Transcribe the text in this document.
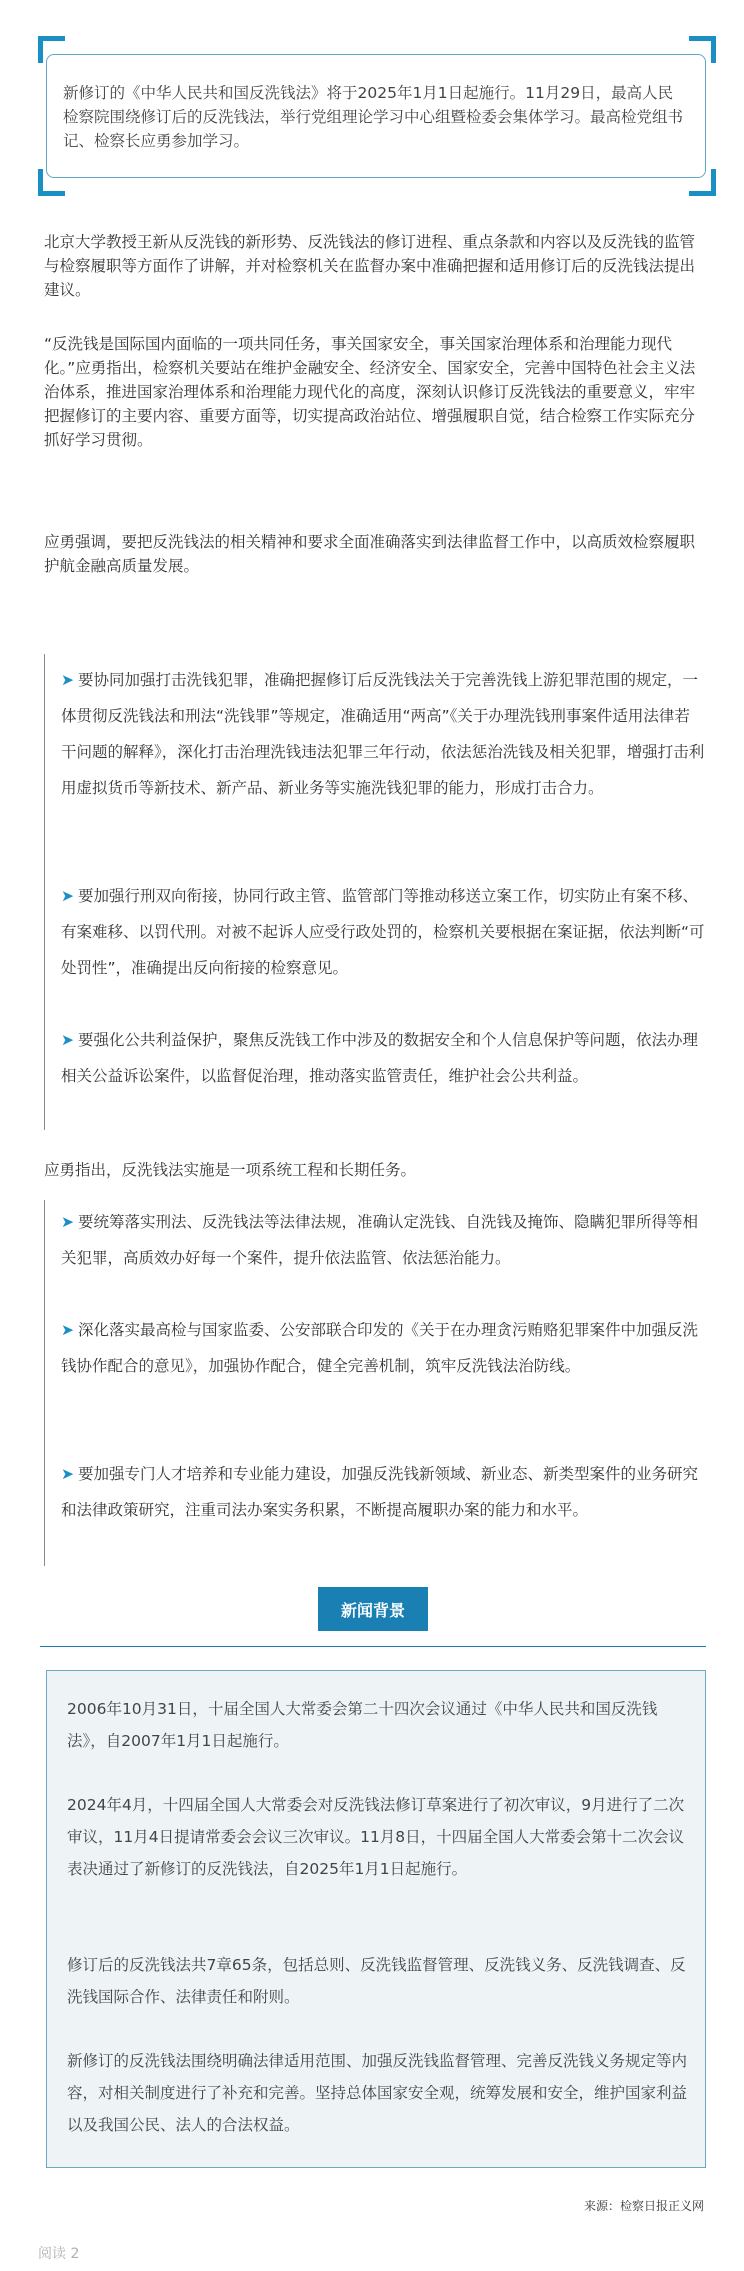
新修订的《中华人民共和国反洗钱法》将于2025年1月1日起施行。11月29日，最高人民检察院围绕修订后的反洗钱法，举行党组理论学习中心组暨检委会集体学习。最高检党组书记、检察长应勇参加学习。

北京大学教授王新从反洗钱的新形势、反洗钱法的修订进程、重点条款和内容以及反洗钱的监管与检察履职等方面作了讲解，并对检察机关在监督办案中准确把握和适用修订后的反洗钱法提出建议。

“反洗钱是国际国内面临的一项共同任务，事关国家安全，事关国家治理体系和治理能力现代化。”应勇指出，检察机关要站在维护金融安全、经济安全、国家安全，完善中国特色社会主义法治体系，推进国家治理体系和治理能力现代化的高度，深刻认识修订反洗钱法的重要意义，牢牢把握修订的主要内容、重要方面等，切实提高政治站位、增强履职自觉，结合检察工作实际充分抓好学习贯彻。

应勇强调，要把反洗钱法的相关精神和要求全面准确落实到法律监督工作中，以高质效检察履职护航金融高质量发展。

➤ 要协同加强打击洗钱犯罪，准确把握修订后反洗钱法关于完善洗钱上游犯罪范围的规定，一体贯彻反洗钱法和刑法“洗钱罪”等规定，准确适用“两高”《关于办理洗钱刑事案件适用法律若干问题的解释》，深化打击治理洗钱违法犯罪三年行动，依法惩治洗钱及相关犯罪，增强打击利用虚拟货币等新技术、新产品、新业务等实施洗钱犯罪的能力，形成打击合力。

➤ 要加强行刑双向衔接，协同行政主管、监管部门等推动移送立案工作，切实防止有案不移、有案难移、以罚代刑。对被不起诉人应受行政处罚的，检察机关要根据在案证据，依法判断“可处罚性”，准确提出反向衔接的检察意见。

➤ 要强化公共利益保护，聚焦反洗钱工作中涉及的数据安全和个人信息保护等问题，依法办理相关公益诉讼案件，以监督促治理，推动落实监管责任，维护社会公共利益。

应勇指出，反洗钱法实施是一项系统工程和长期任务。

➤ 要统筹落实刑法、反洗钱法等法律法规，准确认定洗钱、自洗钱及掩饰、隐瞒犯罪所得等相关犯罪，高质效办好每一个案件，提升依法监管、依法惩治能力。

➤ 深化落实最高检与国家监委、公安部联合印发的《关于在办理贪污贿赂犯罪案件中加强反洗钱协作配合的意见》，加强协作配合，健全完善机制，筑牢反洗钱法治防线。

➤ 要加强专门人才培养和专业能力建设，加强反洗钱新领域、新业态、新类型案件的业务研究和法律政策研究，注重司法办案实务积累，不断提高履职办案的能力和水平。

新闻背景

2006年10月31日，十届全国人大常委会第二十四次会议通过《中华人民共和国反洗钱法》，自2007年1月1日起施行。

2024年4月，十四届全国人大常委会对反洗钱法修订草案进行了初次审议，9月进行了二次审议，11月4日提请常委会会议三次审议。11月8日，十四届全国人大常委会第十二次会议表决通过了新修订的反洗钱法，自2025年1月1日起施行。

修订后的反洗钱法共7章65条，包括总则、反洗钱监督管理、反洗钱义务、反洗钱调查、反洗钱国际合作、法律责任和附则。

新修订的反洗钱法围绕明确法律适用范围、加强反洗钱监督管理、完善反洗钱义务规定等内容，对相关制度进行了补充和完善。坚持总体国家安全观，统筹发展和安全，维护国家利益以及我国公民、法人的合法权益。

来源：检察日报正义网

阅读 2
